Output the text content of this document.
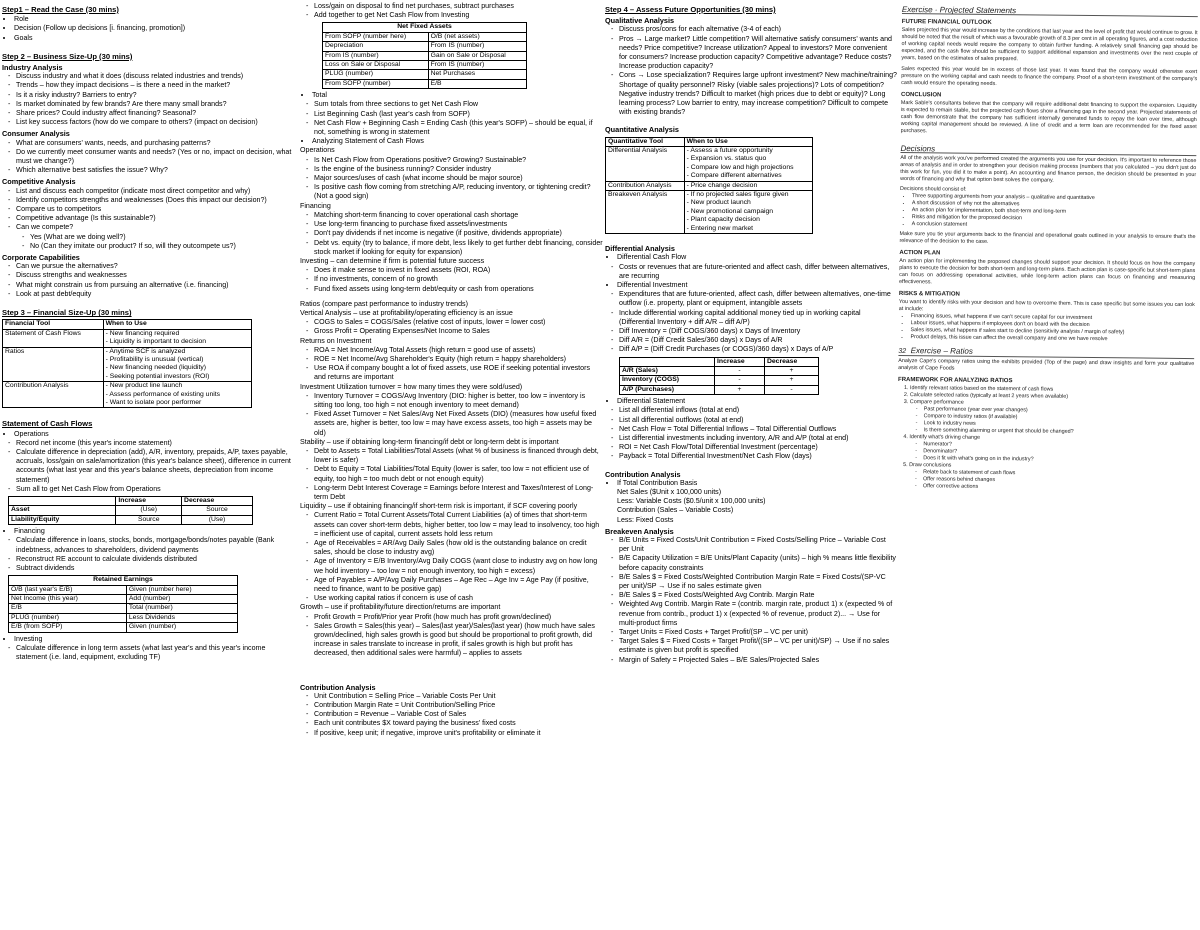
Step1 – Read the Case (30 mins)
• Role
• Decision (Follow up decisions [i. financing, promotion])
• Goals
Step 2 – Business Size-Up (30 mins)
Industry Analysis
- Discuss industry and what it does (discuss related industries and trends)
- Trends – how they impact decisions – is there a need in the market?
- Is it a risky industry? Barriers to entry?
- Is market dominated by few brands? Are there many small brands?
- Share prices? Could industry affect financing? Seasonal?
- List key success factors (how do we compare to others? (impact on decision)
Consumer Analysis
- What are consumers' wants, needs, and purchasing patterns?
- Do we currently meet consumer wants and needs? (Yes or no, impact on decision, what must we change?)
- Which alternative best satisfies the issue? Why?
Competitive Analysis
- List and discuss each competitor (indicate most direct competitor and why)
- Identify competitors strengths and weaknesses (Does this impact our decision?)
- Compare us to competitors
- Competitive advantage (Is this sustainable?)
- Can we compete?
- Yes (What are we doing well?)
- No (Can they imitate our product? If so, will they outcompete us?)
Corporate Capabilities
- Can we pursue the alternatives?
- Discuss strengths and weaknesses
- What might constrain us from pursuing an alternative (i.e. financing)
- Look at past debt/equity
Step 3 – Financial Size-Up (30 mins)
Financial Tool	When to Use
Statement of Cash Flows	- New financing required
- Liquidity is important to decision
Ratios	- Anytime SCF is analyzed
- Profitability is unusual (vertical)
- New financing needed (liquidity)
- Seeking potential investors (ROI)
Contribution Analysis	- New product line launch
- Assess performance of existing units
- Want to isolate poor performer
Statement of Cash Flows
• Operations
- Record net income (this year's income statement)
- Calculate difference in depreciation (add), A/R, inventory, prepaids, A/P, taxes payable, accruals, loss/gain on sale/amortization (this year's balance sheet), difference in current accounts (what last year and this year's balance sheets, depreciation from income statement)
- Sum all to get Net Cash Flow from Operations
	Increase	Decrease
Asset	(Use)	Source
Liability/Equity	Source	(Use)
• Financing
- Calculate difference in loans, stocks, bonds, mortgage/bonds/notes payable (Bank indebtness, advances to shareholders, dividend payments
- Reconstruct RE account to calculate dividends distributed
- Subtract dividends
Retained Earnings	
O/B (last year's E/B)	Given (number here)
Net Income (this year)	Add (number)
E/B	Total (number)
PLUG (number)	Less Dividends
E/B (from SOFP)	Given (number)
• Investing
- Calculate difference in long term assets (what last year's and this year's income statement (i.e. land, equipment, excluding TF)
- Loss/gain on disposal to find net purchases, subtract purchases
- Add together to get Net Cash Flow from Investing
Net Fixed Assets	
From SOFP (number here)	O/B (net assets)
Depreciation	From IS (number)
From IS (number)	Gain on Sale or Disposal
Loss on Sale or Disposal	From IS (number)
PLUG (number)	Net Purchases
From SOFP (number)	E/B
• Total
- Sum totals from three sections to get Net Cash Flow
- List Beginning Cash (last year's cash from SOFP)
- Net Cash Flow + Beginning Cash = Ending Cash (this year's SOFP) – should be equal, if not, something is wrong in statement
• Analyzing Statement of Cash Flows
Operations
- Is Net Cash Flow from Operations positive? Growing? Sustainable?
- Is the engine of the business running? Consider industry
- Major sources/uses of cash (what income should be major source)
- Is positive cash flow coming from stretching A/P, reducing inventory, or tightening credit? (Not a good sign)
Financing
- Matching short-term financing to cover operational cash shortage
- Use long-term financing to purchase fixed assets/investments
- Don't pay dividends if net income is negative (if positive, dividends appropriate)
- Debt vs. equity (try to balance, if more debt, less likely to get further debt financing, consider stock market if looking for equity for expansion)
Investing – can determine if firm is potential future success
- Does it make sense to invest in fixed assets (ROI, ROA)
- If no investments, concern of no growth
- Fund fixed assets using long-term debt/equity or cash from operations
Ratios (compare past performance to industry trends)
Vertical Analysis – use at profitability/operating efficiency is an issue
- COGS to Sales = COGS/Sales (relative cost of inputs, lower = lower cost)
- Gross Profit = Operating Expenses/Net Income to Sales
Returns on Investment
- ROA = Net Income/Avg Total Assets (high return = good use of assets)
- ROE = Net Income/Avg Shareholder's Equity (high return = happy shareholders)
- Use ROA if company bought a lot of fixed assets, use ROE if seeking potential investors and returns are important
Investment Utilization turnover = how many times they were sold/used)
- Inventory Turnover = COGS/Avg Inventory (DIO: higher is better, too low = inventory is sitting too long, too high = not enough inventory to meet demand)
- Fixed Asset Turnover = Net Sales/Avg Net Fixed Assets (DIO) (measures how useful fixed assets are, higher is better, too low = may have excess assets, too high = assets may be old)
Stability – use if obtaining long-term financing/if debt or long-term debt is important
- Debt to Assets = Total Liabilities/Total Assets (what % of business is financed through debt, lower is safer)
- Debt to Equity = Total Liabilities/Total Equity (lower is safer, too low = not efficient use of equity, too high = too much debt or not enough equity)
- Long-term Debt Interest Coverage = Earnings before Interest and Taxes/Interest of Long-term Debt
Liquidity – use if obtaining financing/if short-term risk is important, if SCF covering poorly
- Current Ratio = Total Current Assets/Total Current Liabilities (a) of times that short-term assets can cover short-term debts, higher better, too low = may lead to insolvency, too high = inefficient use of capital, current assets hold less return
- Age of Receivables = AR/Avg Daily Sales (how old is the outstanding balance on credit sales, should be close to industry avg)
- Age of Inventory = E/B Inventory/Avg Daily COGS (want close to industry avg on how long we hold inventory – too low = not enough inventory, too high = excess)
- Age of Payables = A/P/Avg Daily Purchases – Age Rec – Age Inv = Age Pay (if positive, need to finance, want to be positive gap)
- Use working capital ratios if concern is use of cash
Growth – use if profitability/future direction/returns are important
- Profit Growth = Profit/Prior year Profit (how much has profit grown/declined)
- Sales Growth = Sales(this year) – Sales(last year)/Sales(last year) (how much have sales grown/declined, high sales growth is good but should be proportional to profit growth, did increase in sales translate to increase in profit, if sales growth is high but profit has decreased, then additional sales were harmful) – applies to assets
Contribution Analysis
- Unit Contribution = Selling Price – Variable Costs Per Unit
- Contribution Margin Rate = Unit Contribution/Selling Price
- Contribution = Revenue – Variable Cost of Sales
- Each unit contributes $X toward paying the business' fixed costs
- If positive, keep unit; if negative, improve unit's profitability or eliminate it
Step 4 – Assess Future Opportunities (30 mins)
Qualitative Analysis
- Discuss pros/cons for each alternative (3-4 of each)
- Pros → Large market? Little competition? Will alternative satisfy consumers' wants and needs? Price competitive? Increase utilization? Appeal to investors? More convenient for consumers? Increase production capacity? Competitive advantage? Reduce costs? Increase production capacity?
- Cons → Lose specialization? Requires large upfront investment? New machine/training? Shortage of quality personnel? Risky (viable sales projections)? Lots of competition? Negative industry trends? Difficult to market (high prices due to debt or equity)? Long learning process? Low barrier to entry, may increase competition? Difficult to compete with existing brands?
Quantitative Analysis
Quantitative Tool	When to Use
Differential Analysis	- Assess a future opportunity
- Expansion vs. status quo
- Compare low and high projections
- Compare different alternatives
Contribution Analysis	- Price change decision
Breakeven Analysis	- If no projected sales figure given
- New product launch
- New promotional campaign
- Plant capacity decision
- Entering new market
Differential Analysis
• Differential Cash Flow
- Costs or revenues that are future-oriented and affect cash, differ between alternatives, are recurring
• Differential Investment
- Expenditures that are future-oriented, affect cash, differ between alternatives, one-time outflow (i.e. property, plant or equipment, intangible assets
- Include differential working capital additional money tied up in working capital (Differential Inventory + diff A/R – diff A/P)
- Diff Inventory = (Diff COGS/360 days) x Days of Inventory
- Diff A/R = (Diff Credit Sales/360 days) x Days of A/R
- Diff A/P = (Diff Credit Purchases (or COGS)/360 days) x Days of A/P
	Increase	Decrease
A/R (Sales)	-	+
Inventory (COGS)	-	+
A/P (Purchases)	+	-
• Differential Statement
- List all differential inflows (total at end)
- List all differential outflows (total at end)
- Net Cash Flow = Total Differential Inflows – Total Differential Outflows
- List differential investments including inventory, A/R and A/P (total at end)
- ROI = Net Cash Flow/Total Differential Investment (percentage)
- Payback = Total Differential Investment/Net Cash Flow (days)
Contribution Analysis
• If Total Contribution Basis
Net Sales ($Unit x 100,000 units)
Less: Variable Costs ($0.5/unit x 100,000 units)
Contribution (Sales – Variable Costs)
Less: Fixed Costs
Breakeven Analysis
- B/E Units = Fixed Costs/Unit Contribution = Fixed Costs/Selling Price – Variable Cost per Unit
- B/E Capacity Utilization = B/E Units/Plant Capacity (units) – high % means little flexibility before capacity constraints
- B/E Sales $ = Fixed Costs/Weighted Contribution Margin Rate = Fixed Costs/(SP-VC per unit)/SP → Use if no sales estimate given
- B/E Sales $ = Fixed Costs/Weighted Avg Contrib. Margin Rate
- Weighted Avg Contrib. Margin Rate = (contrib. margin rate, product 1) x (expected % of revenue from contrib., product 1) x (expected % of revenue, product 2)... → Use for multi-product firms
- Target Units = Fixed Costs + Target Profit/(SP – VC per unit)
- Target Sales $ = Fixed Costs + Target Profit/((SP – VC per unit)/SP) → Use if no sales estimate is given but profit is specified
- Margin of Safety = Projected Sales – B/E Sales/Projected Sales
Exercise · Projected Statements
FUTURE FINANCIAL OUTLOOK

Sales projected this year would increase by the conditions that last year and the level of profit that would continue to grow. It should be noted that the result of which was a favourable growth of 8.3 per cent in all operating figures, and a cost reduction of working capital needs would require the company to obtain further funding. A relatively small financing gap should be expected, and the cash flow should be sufficient to support additional expansion and investments over the next couple of years, based on the estimates of sales prepared.

Sales expected this year would be in excess of those last year. It was found that the company would otherwise exert pressure on the working capital and cash needs to finance the company. Proof of a short-term investment of the company's cash would ensure the operating needs.

CONCLUSION

Mark Sable's consultants believe that the company will require additional debt financing to support the expansion. Liquidity is expected to remain stable, but the projected cash flows show a financing gap in the second year. Projected statements of cash flow demonstrate that the company has sufficient internally generated funds to repay the loan over time, although working capital management should be reviewed. A line of credit and a term loan are recommended for the fixed asset purchases.

Decisions

All of the analysis work you've performed created the arguments you use for your decision. It's important to reference those areas of analysis and in order to strengthen your decision making process (numbers that you calculated – you didn't just do this work for fun, you did it to make a point). An accounting and finance person, the decision should be presented in your words of financing and why that option best solves the company.

Decisions should consist of:

• Three supporting arguments from your analysis – qualitative and quantitative
• A short discussion of why not the alternatives
• An action plan for implementation, both short-term and long-term
• Risks and mitigation for the proposed decision
• A conclusion statement

Make sure you tie your arguments back to the financial and operational goals outlined in your analysis to ensure that's the relevance of the decision to the case.

ACTION PLAN

An action plan for implementing the proposed changes should support your decision. It should focus on how the company plans to execute the decision for both short-term and long-term plans. Each action plan is case-specific but short-term plans can focus on addressing operational activities, while long-term action plans can focus on financing and measuring effectiveness.

RISKS & MITIGATION

You want to identify risks with your decision and how to overcome them. This is case specific but some issues you can look at include:

• Financing issues, what happens if we can't secure capital for our investment
• Labour issues, what happens if employees don't on board with the decision
• Sales issues, what happens if sales start to decline (sensitivity analysis / margin of safety)
• Product delays, this issue can affect the overall company and one we have resolve
32 Exercise – Ratios

Analyze Cape's company ratios using the exhibits provided (Top of the page) and draw insights and form your qualitative analysis of Cape Foods

FRAMEWORK FOR ANALYZING RATIOS
1. Identify relevant ratios based on the statement of cash flows
2. Calculate selected ratios (typically at least 2 years when available)
3. Compare performance
- Past performance (year over year changes)
- Compare to industry ratios (if available)
- Look to industry news
- Is there something alarming or urgent that should be changed?
4. Identify what's driving change
- Numerator?
- Denominator?
- Does it fit with what's going on in the industry?
5. Draw conclusions
- Relate back to statement of cash flows
- Offer reasons behind changes
- Offer corrective actions
